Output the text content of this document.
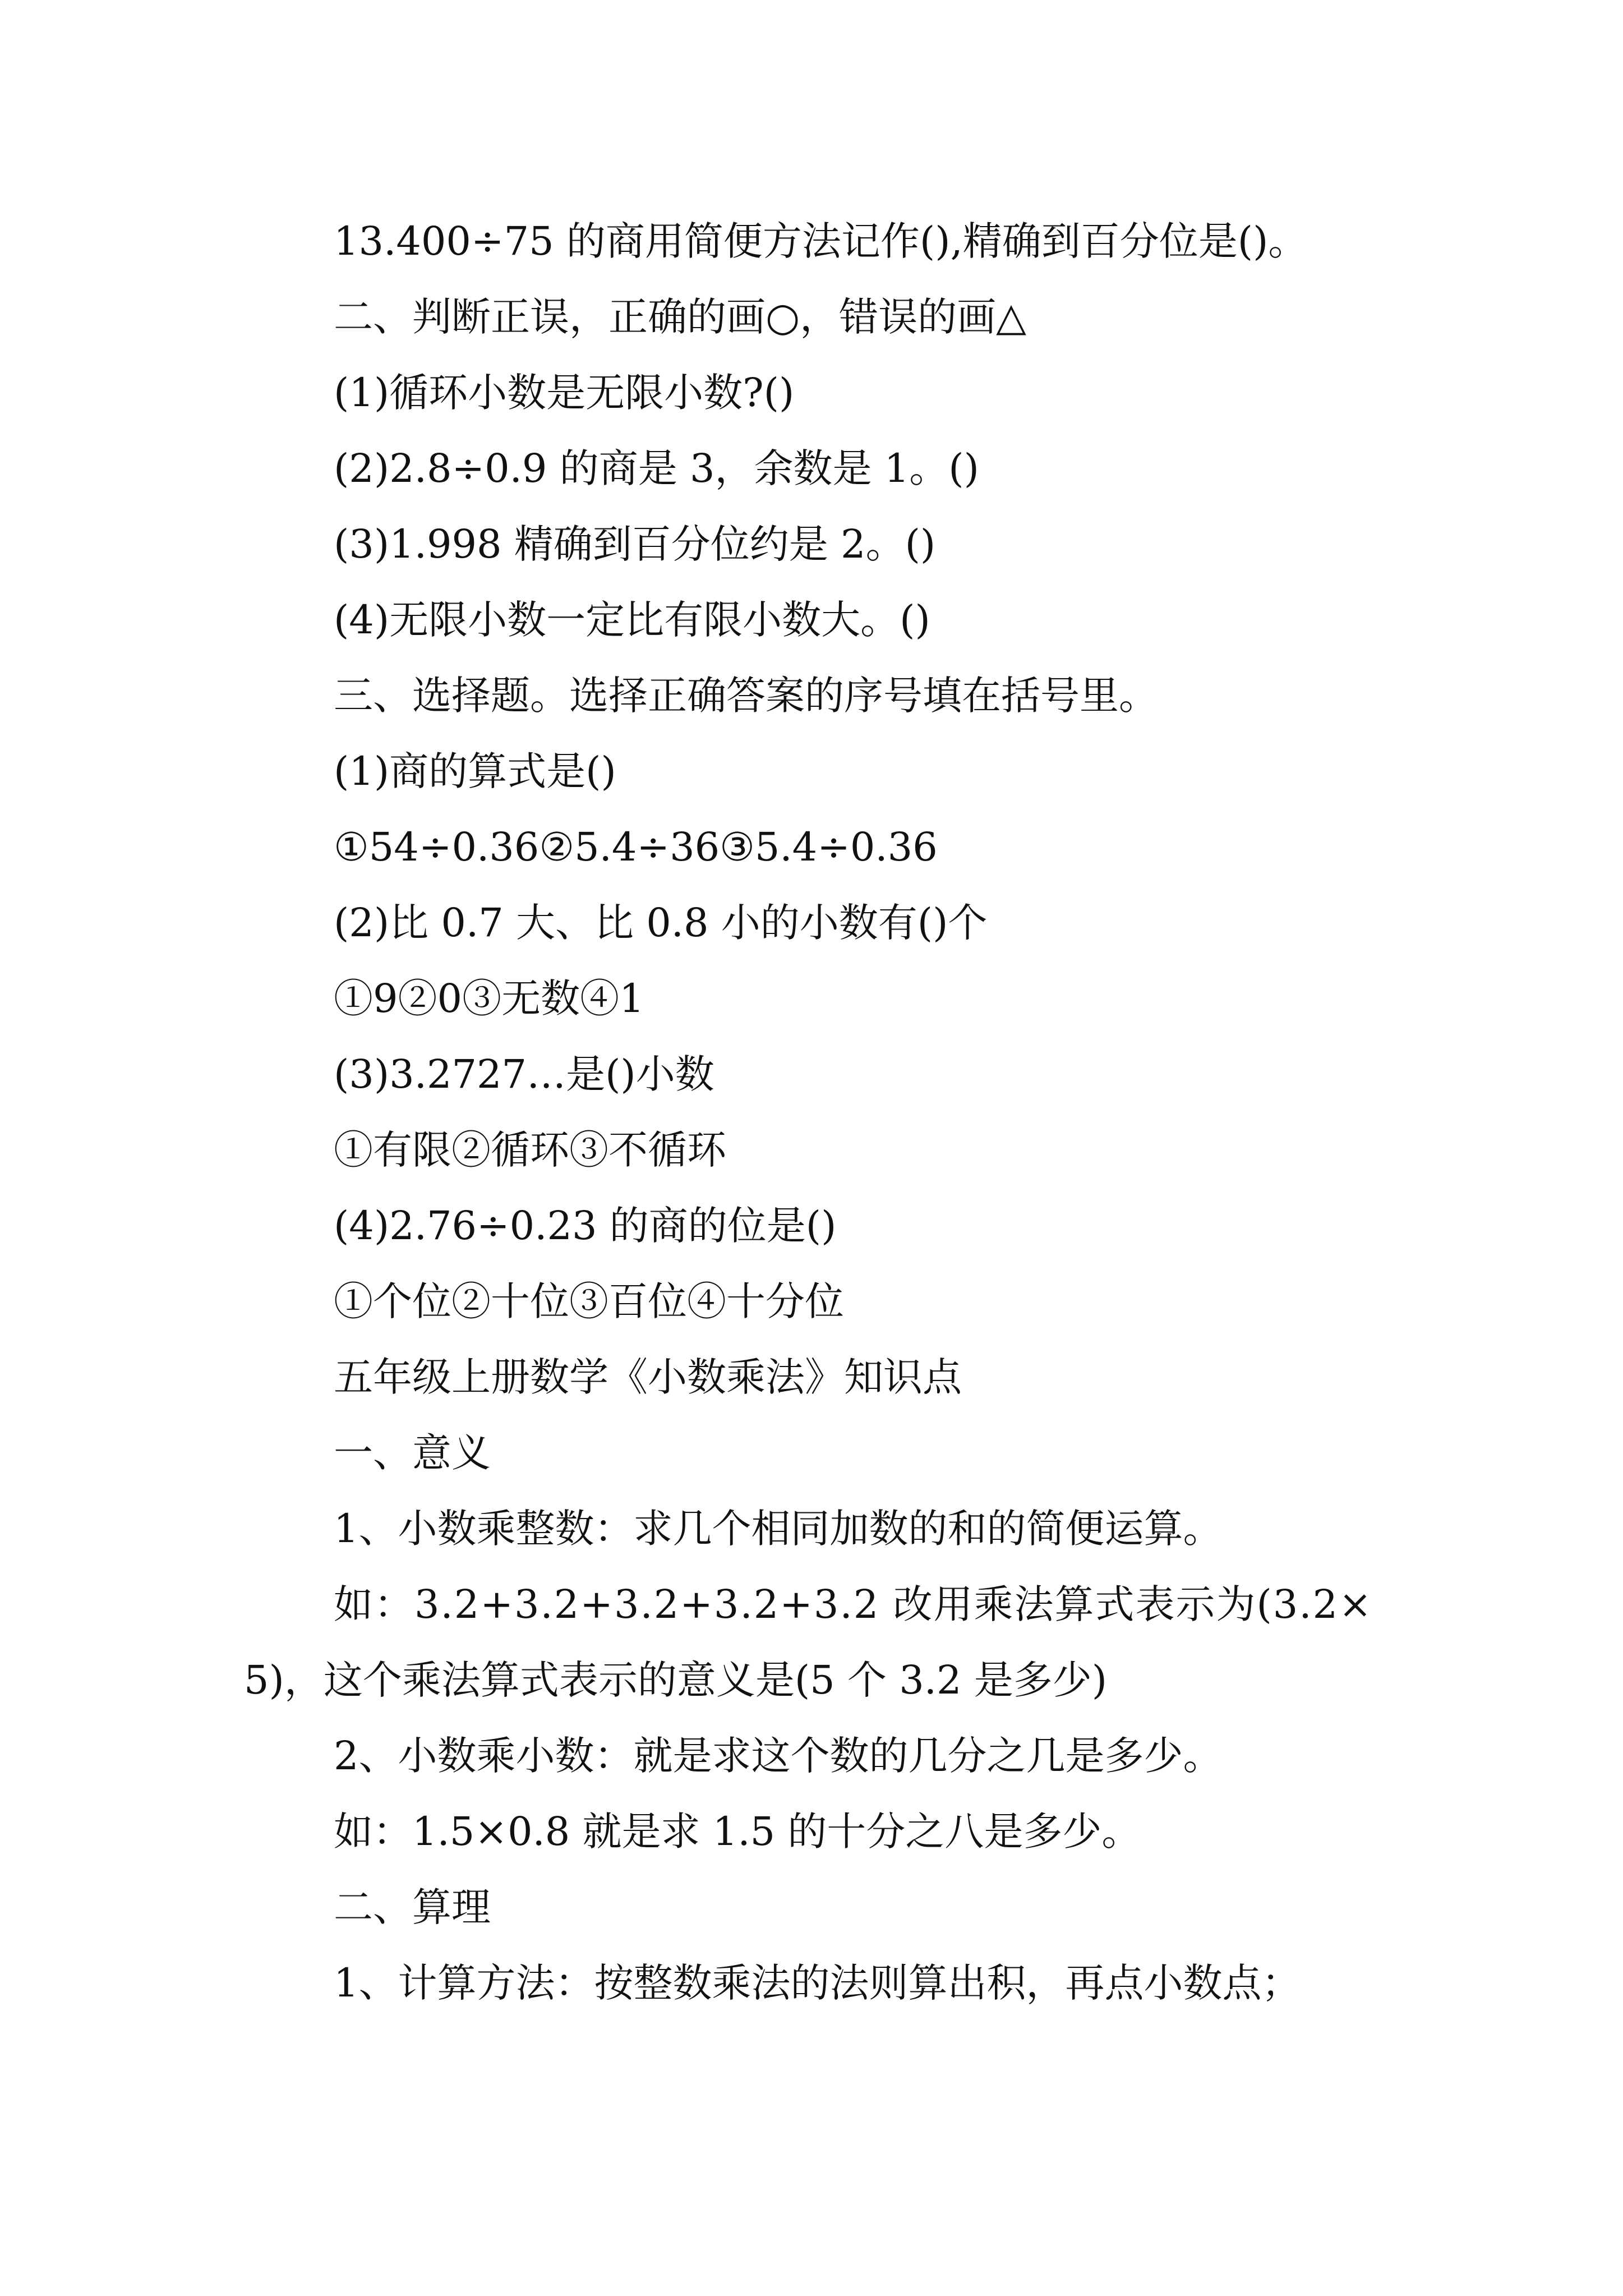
13.400÷75 的商用简便方法记作(),精确到百分位是()。
二、判断正误，正确的画○，错误的画△
(1)循环小数是无限小数?()
(2)2.8÷0.9 的商是 3，余数是 1。()
(3)1.998 精确到百分位约是 2。()
(4)无限小数一定比有限小数大。()
三、选择题。选择正确答案的序号填在括号里。
(1)商的算式是()
①54÷0.36②5.4÷36③5.4÷0.36
(2)比 0.7 大、比 0.8 小的小数有()个
①9②0③无数④1
(3)3.2727…是()小数
①有限②循环③不循环
(4)2.76÷0.23 的商的位是()
①个位②十位③百位④十分位
五年级上册数学《小数乘法》知识点
一、意义
1、小数乘整数：求几个相同加数的和的简便运算。
如：3.2+3.2+3.2+3.2+3.2 改用乘法算式表示为(3.2×
5)，这个乘法算式表示的意义是(5 个 3.2 是多少)
2、小数乘小数：就是求这个数的几分之几是多少。
如：1.5×0.8 就是求 1.5 的十分之八是多少。
二、算理
1、计算方法：按整数乘法的法则算出积，再点小数点；
